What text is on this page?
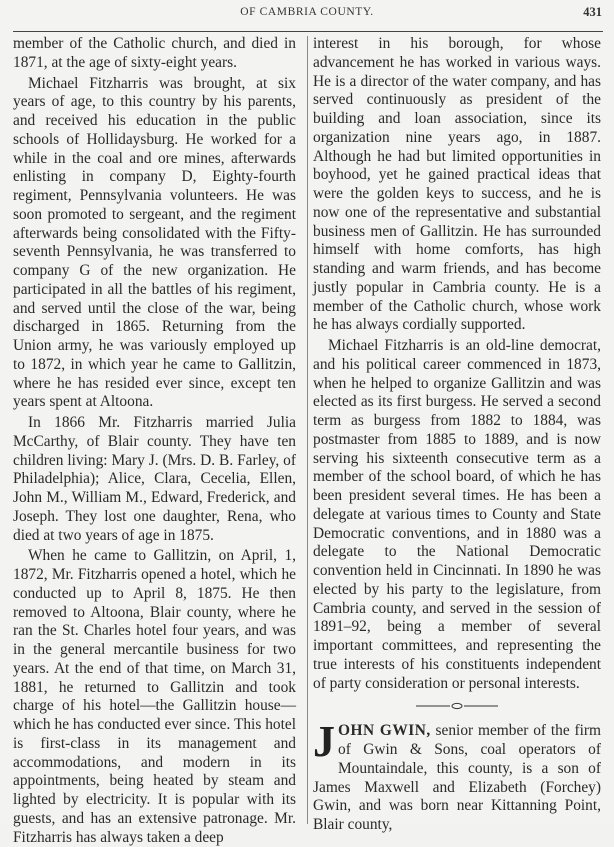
OF CAMBRIA COUNTY.	431

member of the Catholic church, and died in 1871, at the age of sixty-eight years.

Michael Fitzharris was brought, at six years of age, to this country by his parents, and received his education in the public schools of Hollidaysburg. He worked for a while in the coal and ore mines, afterwards enlisting in company D, Eighty-fourth regiment, Pennsylvania volunteers. He was soon promoted to sergeant, and the regiment afterwards being consolidated with the Fifty-seventh Pennsylvania, he was transferred to company G of the new organization. He participated in all the battles of his regiment, and served until the close of the war, being discharged in 1865. Returning from the Union army, he was variously employed up to 1872, in which year he came to Gallitzin, where he has resided ever since, except ten years spent at Altoona.

In 1866 Mr. Fitzharris married Julia McCarthy, of Blair county. They have ten children living: Mary J. (Mrs. D. B. Farley, of Philadelphia); Alice, Clara, Cecelia, Ellen, John M., William M., Edward, Frederick, and Joseph. They lost one daughter, Rena, who died at two years of age in 1875.

When he came to Gallitzin, on April, 1, 1872, Mr. Fitzharris opened a hotel, which he conducted up to April 8, 1875. He then removed to Altoona, Blair county, where he ran the St. Charles hotel four years, and was in the general mercantile business for two years. At the end of that time, on March 31, 1881, he returned to Gallitzin and took charge of his hotel—the Gallitzin house—which he has conducted ever since. This hotel is first-class in its management and accommodations, and modern in its appointments, being heated by steam and lighted by electricity. It is popular with its guests, and has an extensive patronage. Mr. Fitzharris has always taken a deep

interest in his borough, for whose advancement he has worked in various ways. He is a director of the water company, and has served continuously as president of the building and loan association, since its organization nine years ago, in 1887. Although he had but limited opportunities in boyhood, yet he gained practical ideas that were the golden keys to success, and he is now one of the representative and substantial business men of Gallitzin. He has surrounded himself with home comforts, has high standing and warm friends, and has become justly popular in Cambria county. He is a member of the Catholic church, whose work he has always cordially supported.

Michael Fitzharris is an old-line democrat, and his political career commenced in 1873, when he helped to organize Gallitzin and was elected as its first burgess. He served a second term as burgess from 1882 to 1884, was postmaster from 1885 to 1889, and is now serving his sixteenth consecutive term as a member of the school board, of which he has been president several times. He has been a delegate at various times to County and State Democratic conventions, and in 1880 was a delegate to the National Democratic convention held in Cincinnati. In 1890 he was elected by his party to the legislature, from Cambria county, and served in the session of 1891–92, being a member of several important committees, and representing the true interests of his constituents independent of party consideration or personal interests.

JOHN GWIN, senior member of the firm of Gwin & Sons, coal operators of Mountaindale, this county, is a son of James Maxwell and Elizabeth (Forchey) Gwin, and was born near Kittanning Point, Blair county,
